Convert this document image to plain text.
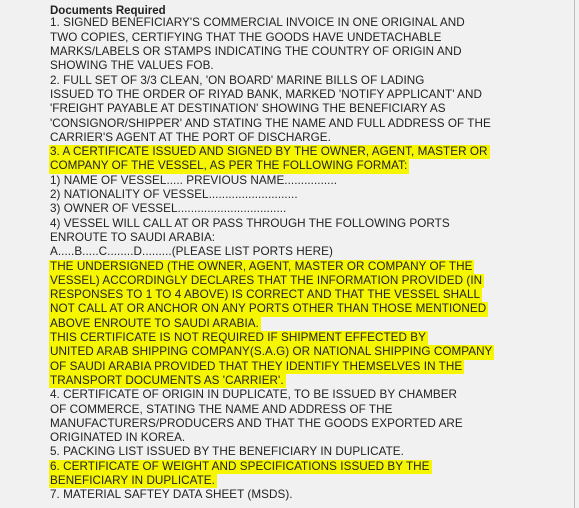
Documents Required
1. SIGNED BENEFICIARY'S COMMERCIAL INVOICE IN ONE ORIGINAL AND
TWO COPIES, CERTIFYING THAT THE GOODS HAVE UNDETACHABLE
MARKS/LABELS OR STAMPS INDICATING THE COUNTRY OF ORIGIN AND
SHOWING THE VALUES FOB.
2. FULL SET OF 3/3 CLEAN, 'ON BOARD' MARINE BILLS OF LADING
ISSUED TO THE ORDER OF RIYAD BANK, MARKED 'NOTIFY APPLICANT' AND
'FREIGHT PAYABLE AT DESTINATION' SHOWING THE BENEFICIARY AS
'CONSIGNOR/SHIPPER' AND STATING THE NAME AND FULL ADDRESS OF THE
CARRIER'S AGENT AT THE PORT OF DISCHARGE.
3. A CERTIFICATE ISSUED AND SIGNED BY THE OWNER, AGENT, MASTER OR
COMPANY OF THE VESSEL, AS PER THE FOLLOWING FORMAT:
1) NAME OF VESSEL..... PREVIOUS NAME................
2) NATIONALITY OF VESSEL...........................
3) OWNER OF VESSEL.................................
4) VESSEL WILL CALL AT OR PASS THROUGH THE FOLLOWING PORTS
ENROUTE TO SAUDI ARABIA:
A.....B.....C........D.........(PLEASE LIST PORTS HERE)
THE UNDERSIGNED (THE OWNER, AGENT, MASTER OR COMPANY OF THE
VESSEL) ACCORDINGLY DECLARES THAT THE INFORMATION PROVIDED (IN
RESPONSES TO 1 TO 4 ABOVE) IS CORRECT AND THAT THE VESSEL SHALL
NOT CALL AT OR ANCHOR ON ANY PORTS OTHER THAN THOSE MENTIONED
ABOVE ENROUTE TO SAUDI ARABIA.
THIS CERTIFICATE IS NOT REQUIRED IF SHIPMENT EFFECTED BY
UNITED ARAB SHIPPING COMPANY(S.A.G) OR NATIONAL SHIPPING COMPANY
OF SAUDI ARABIA PROVIDED THAT THEY IDENTIFY THEMSELVES IN THE
TRANSPORT DOCUMENTS AS 'CARRIER'.
4. CERTIFICATE OF ORIGIN IN DUPLICATE, TO BE ISSUED BY CHAMBER
OF COMMERCE, STATING THE NAME AND ADDRESS OF THE
MANUFACTURERS/PRODUCERS AND THAT THE GOODS EXPORTED ARE
ORIGINATED IN KOREA.
5. PACKING LIST ISSUED BY THE BENEFICIARY IN DUPLICATE.
6. CERTIFICATE OF WEIGHT AND SPECIFICATIONS ISSUED BY THE
BENEFICIARY IN DUPLICATE.
7. MATERIAL SAFTEY DATA SHEET (MSDS).
